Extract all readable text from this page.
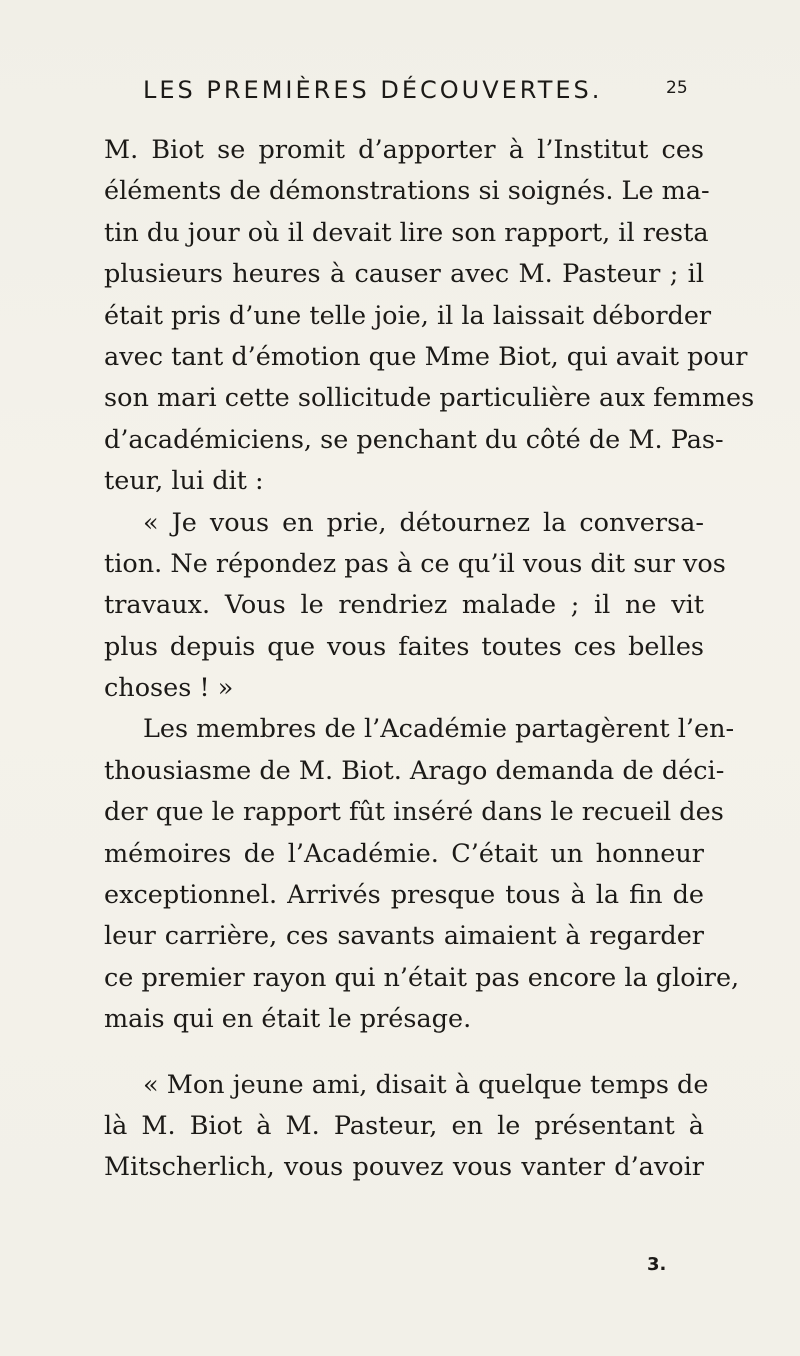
LES PREMIÈRES DÉCOUVERTES.	25
M. Biot se promit d’apporter à l’Institut ces
éléments de démonstrations si soignés. Le ma-
tin du jour où il devait lire son rapport, il resta
plusieurs heures à causer avec M. Pasteur ; il
était pris d’une telle joie, il la laissait déborder
avec tant d’émotion que Mme Biot, qui avait pour
son mari cette sollicitude particulière aux femmes
d’académiciens, se penchant du côté de M. Pas-
teur, lui dit :
« Je vous en prie, détournez la conversa-
tion. Ne répondez pas à ce qu’il vous dit sur vos
travaux. Vous le rendriez malade ; il ne vit
plus depuis que vous faites toutes ces belles
choses ! »
Les membres de l’Académie partagèrent l’en-
thousiasme de M. Biot. Arago demanda de déci-
der que le rapport fût inséré dans le recueil des
mémoires de l’Académie. C’était un honneur
exceptionnel. Arrivés presque tous à la fin de
leur carrière, ces savants aimaient à regarder
ce premier rayon qui n’était pas encore la gloire,
mais qui en était le présage.
« Mon jeune ami, disait à quelque temps de
là M. Biot à M. Pasteur, en le présentant à
Mitscherlich, vous pouvez vous vanter d’avoir
3.
